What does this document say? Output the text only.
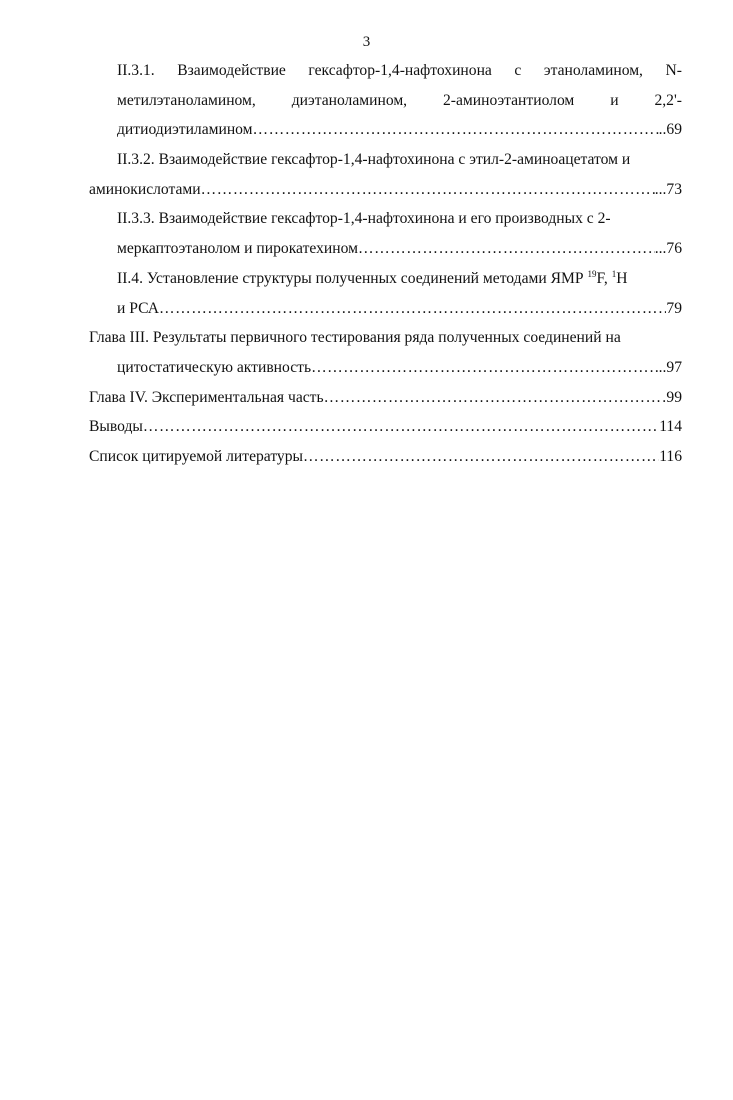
3
II.3.1. Взаимодействие гексафтор-1,4-нафтохинона с этаноламином, N-
метилэтаноламином, диэтаноламином, 2-аминоэтантиолом и 2,2'-
дитиодиэтиламином ……………………………………………………………………………………………………………………………………………………………………	..69
II.3.2. Взаимодействие гексафтор-1,4-нафтохинона с этил-2-аминоацетатом и
аминокислотами ……………………………………………………………………………………………………………………………………………………………………	...73
II.3.3. Взаимодействие гексафтор-1,4-нафтохинона и его производных с 2-
меркаптоэтанолом и пирокатехином ……………………………………………………………………………………………………………………………………………………………………	...76
II.4. Установление структуры полученных соединений методами ЯМР $^{19}$F, $^1$H
и РСА ……………………………………………………………………………………………………………………………………………………………………	79
Глава III. Результаты первичного тестирования ряда полученных соединений на
цитостатическую активность ……………………………………………………………………………………………………………………………………………………………………	..97
Глава IV. Экспериментальная часть ……………………………………………………………………………………………………………………………………………………………………	99
Выводы ……………………………………………………………………………………………………………………………………………………………………	114
Список цитируемой литературы ……………………………………………………………………………………………………………………………………………………………………	116
